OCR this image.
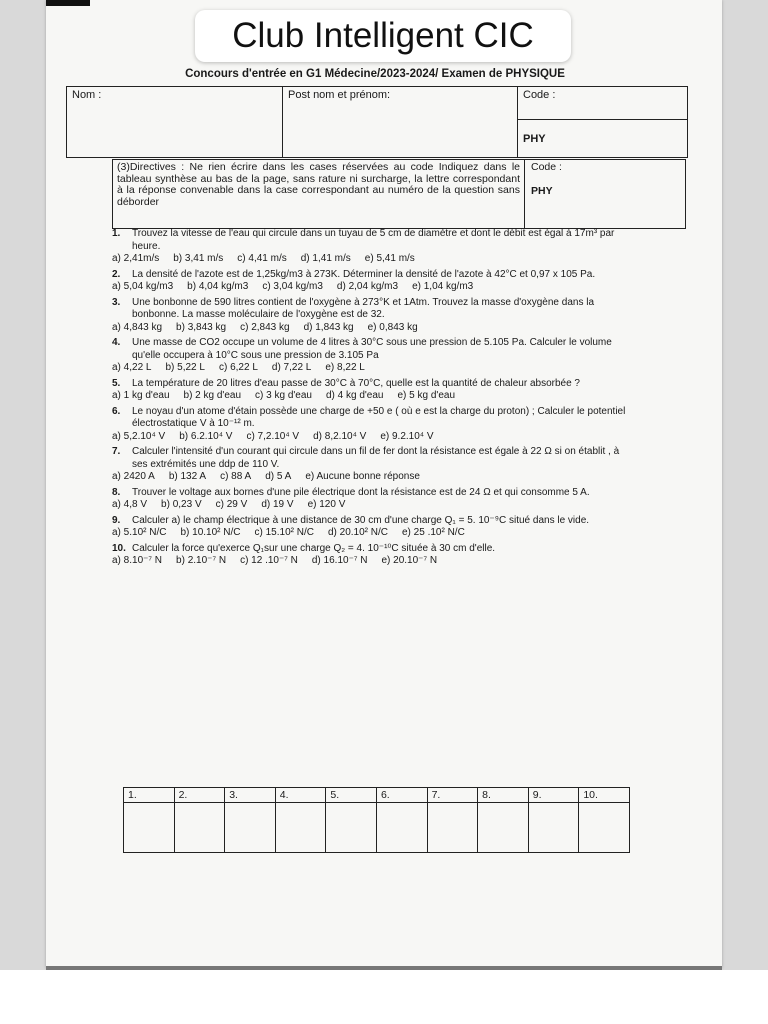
Club Intelligent CIC
Concours d'entrée en G1 Médecine/2023-2024/ Examen de PHYSIQUE
Nom :	Post nom et prénom:	Code :
PHY
(3)Directives : Ne rien écrire dans les cases réservées au code Indiquez dans le tableau synthèse au bas de la page, sans rature ni surcharge, la lettre correspondant à la réponse convenable dans la case correspondant au numéro de la question sans déborder
Code :
PHY
1.	Trouvez la vitesse de l'eau qui circule dans un tuyau de 5 cm de diamètre et dont le débit est égal à 17m³ par heure.
a) 2,41m/s b) 3,41 m/s c) 4,41 m/s d) 1,41 m/s e) 5,41 m/s
2.	La densité de l'azote est de 1,25kg/m3 à 273K. Déterminer la densité de l'azote à 42°C et 0,97 x 105 Pa.
a) 5,04 kg/m3 b) 4,04 kg/m3 c) 3,04 kg/m3 d) 2,04 kg/m3 e) 1,04 kg/m3
3.	Une bonbonne de 590 litres contient de l'oxygène à 273°K et 1Atm. Trouvez la masse d'oxygène dans la bonbonne. La masse moléculaire de l'oxygène est de 32.
a) 4,843 kg b) 3,843 kg c) 2,843 kg d) 1,843 kg e) 0,843 kg
4.	Une masse de CO2 occupe un volume de 4 litres à 30°C sous une pression de 5.105 Pa. Calculer le volume qu'elle occupera à 10°C sous une pression de 3.105 Pa
a) 4,22 L b) 5,22 L c) 6,22 L d) 7,22 L e) 8,22 L
5.	La température de 20 litres d'eau passe de 30°C à 70°C, quelle est la quantité de chaleur absorbée ?
a) 1 kg d'eau b) 2 kg d'eau c) 3 kg d'eau d) 4 kg d'eau e) 5 kg d'eau
6.	Le noyau d'un atome d'étain possède une charge de +50 e ( où e est la charge du proton) ; Calculer le potentiel électrostatique V à 10⁻¹² m.
a) 5,2.10⁴ V b) 6.2.10⁴ V c) 7,2.10⁴ V d) 8,2.10⁴ V e) 9.2.10⁴ V
7.	Calculer l'intensité d'un courant qui circule dans un fil de fer dont la résistance est égale à 22 Ω si on établit , à ses extrémités une ddp de 110 V.
a) 2420 A b) 132 A c) 88 A d) 5 A e) Aucune bonne réponse
8.	Trouver le voltage aux bornes d'une pile électrique dont la résistance est de 24 Ω et qui consomme 5 A.
a) 4,8 V b) 0,23 V c) 29 V d) 19 V e) 120 V
9.	Calculer a) le champ électrique à une distance de 30 cm d'une charge Q₁ = 5. 10⁻⁹C situé dans le vide.
a) 5.10² N/C b) 10.10² N/C c) 15.10² N/C d) 20.10² N/C e) 25 .10² N/C
10. Calculer la force qu'exerce Q₁sur une charge Q₂ = 4. 10⁻¹⁰C située à 30 cm d'elle.
a) 8.10⁻⁷ N b) 2.10⁻⁷ N c) 12 .10⁻⁷ N d) 16.10⁻⁷ N e) 20.10⁻⁷ N
1.	2.	3.	4.	5.	6.	7.	8.	9.	10.
